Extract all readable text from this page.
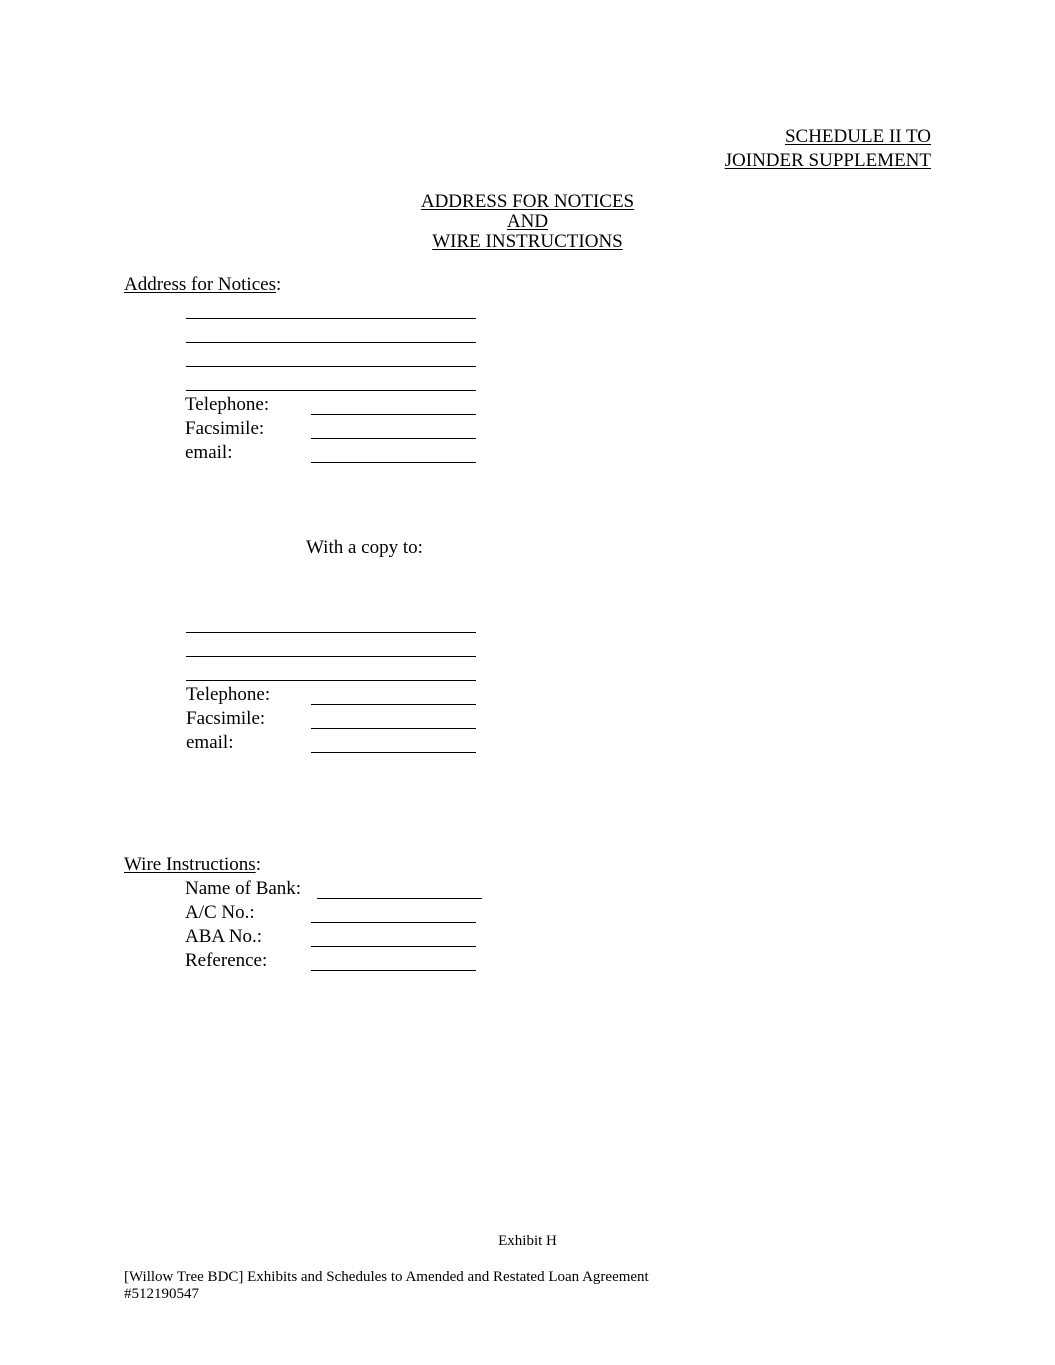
SCHEDULE II TO
JOINDER SUPPLEMENT
ADDRESS FOR NOTICES
AND
WIRE INSTRUCTIONS
Address for Notices:
Telephone:
Facsimile:
email:
With a copy to:
Telephone:
Facsimile:
email:
Wire Instructions:
Name of Bank:
A/C No.:
ABA No.:
Reference:
Exhibit H
[Willow Tree BDC] Exhibits and Schedules to Amended and Restated Loan Agreement
#512190547
